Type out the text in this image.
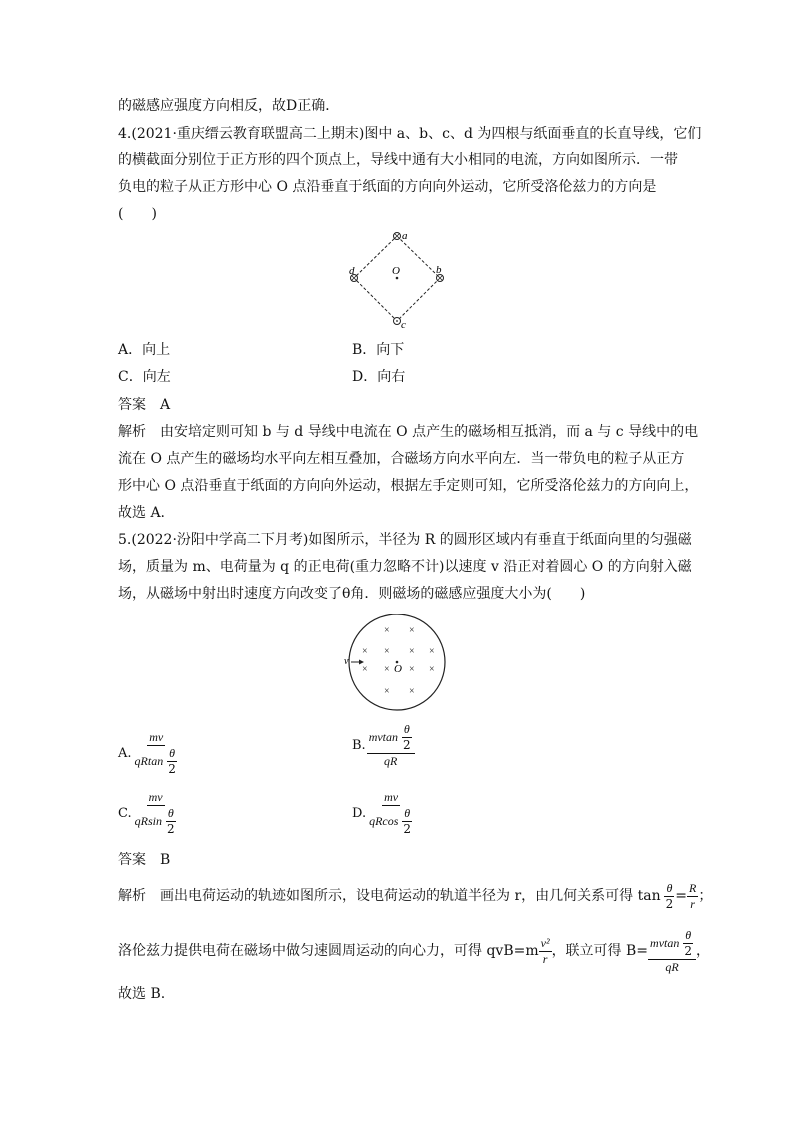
的磁感应强度方向相反，故D正确．
4.(2021·重庆缙云教育联盟高二上期末)图中 a、b、c、d 为四根与纸面垂直的长直导线，它们
的横截面分别位于正方形的四个顶点上，导线中通有大小相同的电流，方向如图所示．一带
负电的粒子从正方形中心 O 点沿垂直于纸面的方向向外运动，它所受洛伦兹力的方向是
(　　)
a
b
c
d	O
A．向上	B．向下
C．向左	D．向右
答案　A
解析　由安培定则可知 b 与 d 导线中电流在 O 点产生的磁场相互抵消，而 a 与 c 导线中的电
流在 O 点产生的磁场均水平向左相互叠加，合磁场方向水平向左．当一带负电的粒子从正方
形中心 O 点沿垂直于纸面的方向向外运动，根据左手定则可知，它所受洛伦兹力的方向向上，
故选 A.
5.(2022·汾阳中学高二下月考)如图所示，半径为 R 的圆形区域内有垂直于纸面向里的匀强磁
场，质量为 m、电荷量为 q 的正电荷(重力忽略不计)以速度 v 沿正对着圆心 O 的方向射入磁
场，从磁场中射出时速度方向改变了θ角．则磁场的磁感应强度大小为(　　)
× ×
× × × ×
× × × ×
× ×
O
v
A. $\frac{mv}{qRtan \frac{\theta}{2}}$	B. $\frac{mvtan \frac{\theta}{2}}{qR}$
C. $\frac{mv}{qRsin \frac{\theta}{2}}$	D. $\frac{mv}{qRcos \frac{\theta}{2}}$
答案　B
解析　画出电荷运动的轨迹如图所示，设电荷运动的轨道半径为 r，由几何关系可得 $\tan \frac{\theta}{2} = \frac{R}{r}$ ；
洛伦兹力提供电荷在磁场中做匀速圆周运动的向心力，可得 $qvB=m \frac{\text{v²}}{r}$ ，联立可得 $B= \frac{mvtan \frac{\theta}{2}}{qR}$ ，
故选 B.
